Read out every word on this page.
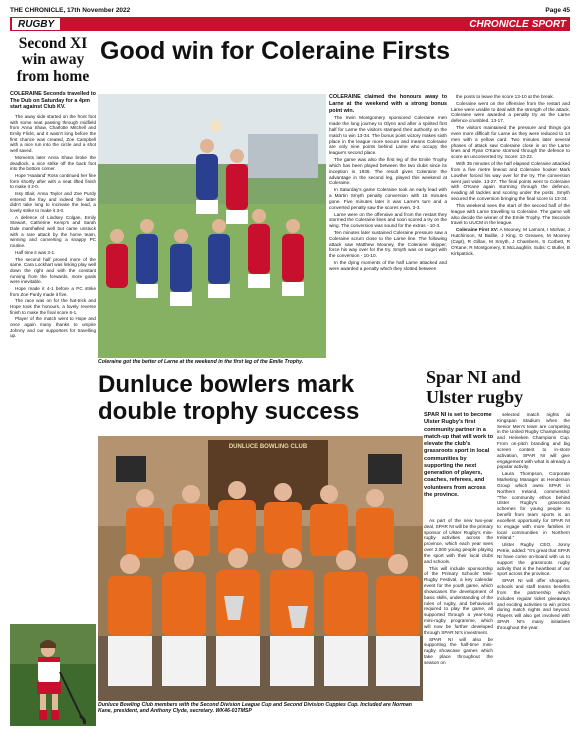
THE CHRONICLE, 17th November 2022	Page 45
RUGBY	CHRONICLE SPORT
Second XI win away from home
COLERAINE Seconds travelled to The Dub on Saturday for a 4pm start against Club KV.

The away side started on the front foot with some neat passing through midfield from Anna Shaw, Charlotte Mitchell and Emily Flickt, and it wasn't long before the first chance was created, Zoe Campbell with a nice run into the circle and a shot well saved.

Moments later Anna Shaw broke the deadlock, a nice strike off the back foot into the bottom corner.

Hope 'Haaland' Ross continued her fine form shortly after with a neat lifted finish to make it 2-0.

Issy Blair, Anna Taylor and Zoe Purdy entered the fray and indeed the latter didn't take long to increase the lead, a lovely strike to make it 3-0.

A defence of Lindsey Colgan, Emily Stewart, Catherine Kemp's and Sarah Dale marshalled well but came unstuck with a rare attack by the home team, winning and converting a snappy PC routine.

Half time it was 3-1.

The second half proved more of the same. Cara Lockhart was linking play well down the right and with the constant running from the forwards, more goals were inevitable.

Hope made it 4-1 before a PC strike from Zoe Purdy made it five.

The race was on for the hat-trick and Hope took the honours, a lovely reverse finish to make the final score 6-1.

Player of the match went to Hope and once again many thanks to umpire Johnny and our supporters for travelling up.

Good win for Coleraine Firsts
Coleraine got the better of Larne at the weekend in the first leg of the Emile Trophy.

COLERAINE claimed the honours away to Larne at the weekend with a strong bonus point win.

The Irwin Montgomery sponsored Coleraine men made the long journey to Glynn and after a spirited first half for Larne the visitors stamped their authority on the match to win 13-34. The bonus point victory makes sixth place in the league more secure and means Coleraine are only nine points behind Larne who occupy the league's second place.

The game was also the first leg of the Emile Trophy which has been played between the two clubs since its inception in 1936. The result gives Coleraine the advantage in the second leg, played this weekend at Coleraine.

In Saturday's game Coleraine took an early lead with a Martin Smyth penalty conversion with 15 minutes gone. Five minutes later it was Larne's turn and a converted penalty saw the scores even, 3-3.

Larne were on the offensive and from the restart they stormed the Coleraine lines and soon scored a try on the wing. The conversion was sound for the extras - 10-3.

Ten minutes later sustained Coleraine pressure saw a Coleraine scrum close to the Larne line. The following attack saw Matthew Mooney, the Coleraine skipper, force his way over for the try. Smyth was on target with the conversion - 10-10.

In the dying moments of the half Larne attacked and were awarded a penalty which they slotted between

the posts to leave the score 13-10 at the break.

Coleraine went on the offensive from the restart and Larne were unable to deal with the strength of the attack. Coleraine were awarded a penalty try as the Larne defence crumbled. 13-17.

The visitors maintained the pressure and things got even more difficult for Larne as they were reduced to 14 men with a yellow card. Two minutes later several phases of attack saw Coleraine close in on the Larne lines and Ryan O'Kane stormed through the defence to score an unconverted try. Score: 13-22.

With 35 minutes of the half elapsed Coleraine attacked from a five metre lineout and Coleraine hooker Mark Lowther forced his way over for the try. The conversion went just wide. 13-27. The final points went to Coleraine with O'Kane again storming through the defence, evading all tackles and scoring under the posts. Smyth secured the conversion bringing the final score to 13-34.

This weekend sees the start of the second half of the league with Larne travelling to Coleraine. The game will also decide the winner of the Emile Trophy. The Seconds travel to UUCM in the league.

Coleraine First XV: A Mooney, M Lamont, I McIlvar, J Hutchinson, M Baillie, J King, D Greaves, M Mooney (Capt), R Gillan, M Smyth, J Chambers, S Corbett, R O'Kane, R Montgomery, E McLaughlin. Subs: C Butler, B Kirkpatrick.

Dunluce bowlers mark double trophy success
DUNLUCE BOWLING CLUB
Dunluce Bowling Club members with the Second Division League Cup and Second Division Cuppies Cup. Included are Norman Kane, president, and Anthony Clyde, secretary. WK46-01TMSP
Spar NI and Ulster rugby
SPAR NI is set to become Ulster Rugby's first community partner in a match-up that will work to elevate the club's grassroots sport in local communities by supporting the next generation of players, coaches, referees, and volunteers from across the province.

As part of the new two-year deal, SPAR NI will be the primary sponsor of Ulster Rugby's mini-rugby activities across the province, which each year sees over 2,000 young people playing the sport with their local clubs and schools.

This will include sponsorship of the Primary Schools' Mini-Rugby Festival, a key calendar event for the youth game, which showcases the development of basic skills, understanding of the rules of rugby, and behaviours required to play the game, all supported through a year-long mini-rugby programme, which will now be further developed through SPAR NI's investment.

SPAR NI will also be supporting the half-time mini-rugby showcase games which take place throughout the season on

selected match nights at Kingspan Stadium when the Senior Men's team are competing in the United Rugby Championship and Heineken Champions Cup. From on-pitch branding and big screen content to in-store activation, SPAR NI will give engagement with what is already a popular activity.

Laura Thompson, Corporate Marketing Manager at Henderson Group which owns SPAR in Northern Ireland, commented: "The community ethos behind Ulster Rugby's grassroots schemes for young people to benefit from team sports is an excellent opportunity for SPAR NI to engage with more families in local communities in Northern Ireland."

Ulster Rugby CEO, Jonny Petrie, added: "It's great that SPAR NI have come on-board with us to support the grassroots rugby activity that is the heartbeat of our sport across the province.

SPAR NI will offer shoppers, schools and staff teams benefits from the partnership which includes regular ticket giveaways and exciting activities to win prizes during match nights and beyond. Players will also get involved with SPAR NI's many initiatives throughout the year.
